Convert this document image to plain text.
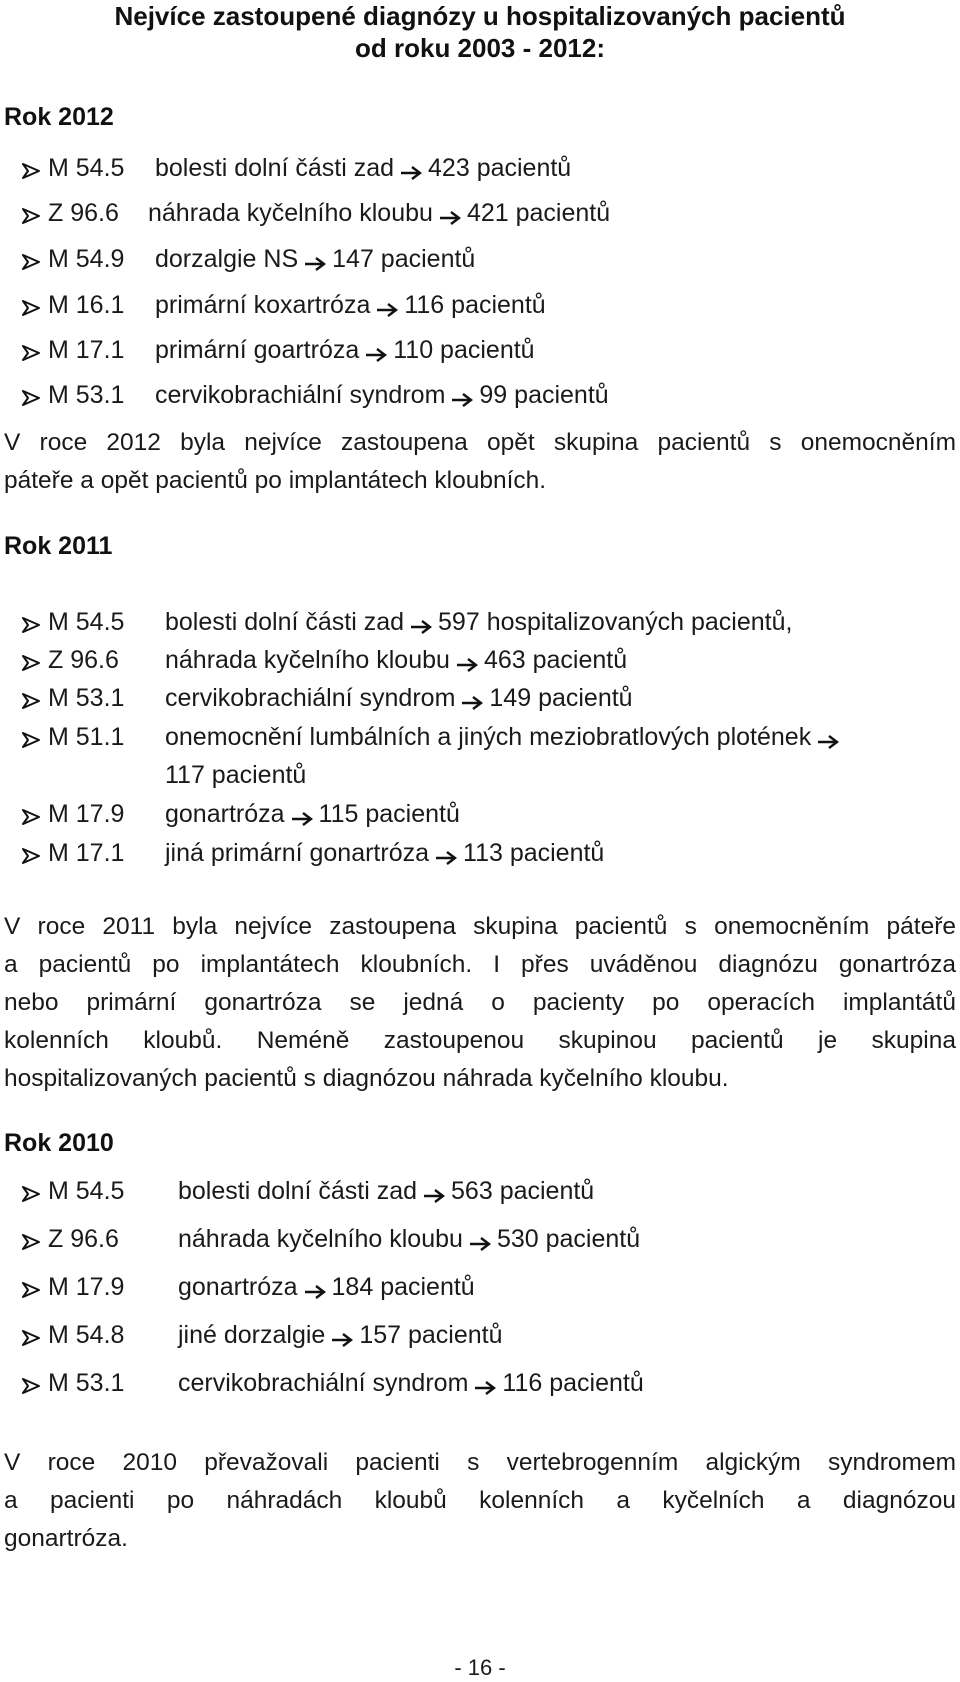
Nejvíce zastoupené diagnózy u hospitalizovaných pacientů
od roku 2003 - 2012:
Rok 2012
M 54.5 bolesti dolní části zad 423 pacientů
Z 96.6 náhrada kyčelního kloubu 421 pacientů
M 54.9 dorzalgie NS 147 pacientů
M 16.1 primární koxartróza 116 pacientů
M 17.1 primární goartróza 110 pacientů
M 53.1 cervikobrachiální syndrom 99 pacientů
V roce 2012 byla nejvíce zastoupena opět skupina pacientů s onemocněním
páteře a opět pacientů po implantátech kloubních.
Rok 2011
M 54.5 bolesti dolní části zad 597 hospitalizovaných pacientů,
Z 96.6 náhrada kyčelního kloubu 463 pacientů
M 53.1 cervikobrachiální syndrom 149 pacientů
M 51.1 onemocnění lumbálních a jiných meziobratlových plotének
117 pacientů
M 17.9 gonartróza 115 pacientů
M 17.1 jiná primární gonartróza 113 pacientů
V roce 2011 byla nejvíce zastoupena skupina pacientů s onemocněním páteře
a pacientů po implantátech kloubních. I přes uváděnou diagnózu gonartróza
nebo primární gonartróza se jedná o pacienty po operacích implantátů
kolenních kloubů. Neméně zastoupenou skupinou pacientů je skupina
hospitalizovaných pacientů s diagnózou náhrada kyčelního kloubu.
Rok 2010
M 54.5 bolesti dolní části zad 563 pacientů
Z 96.6 náhrada kyčelního kloubu 530 pacientů
M 17.9 gonartróza 184 pacientů
M 54.8 jiné dorzalgie 157 pacientů
M 53.1 cervikobrachiální syndrom 116 pacientů
V roce 2010 převažovali pacienti s vertebrogenním algickým syndromem
a pacienti po náhradách kloubů kolenních a kyčelních a diagnózou
gonartróza.
- 16 -
